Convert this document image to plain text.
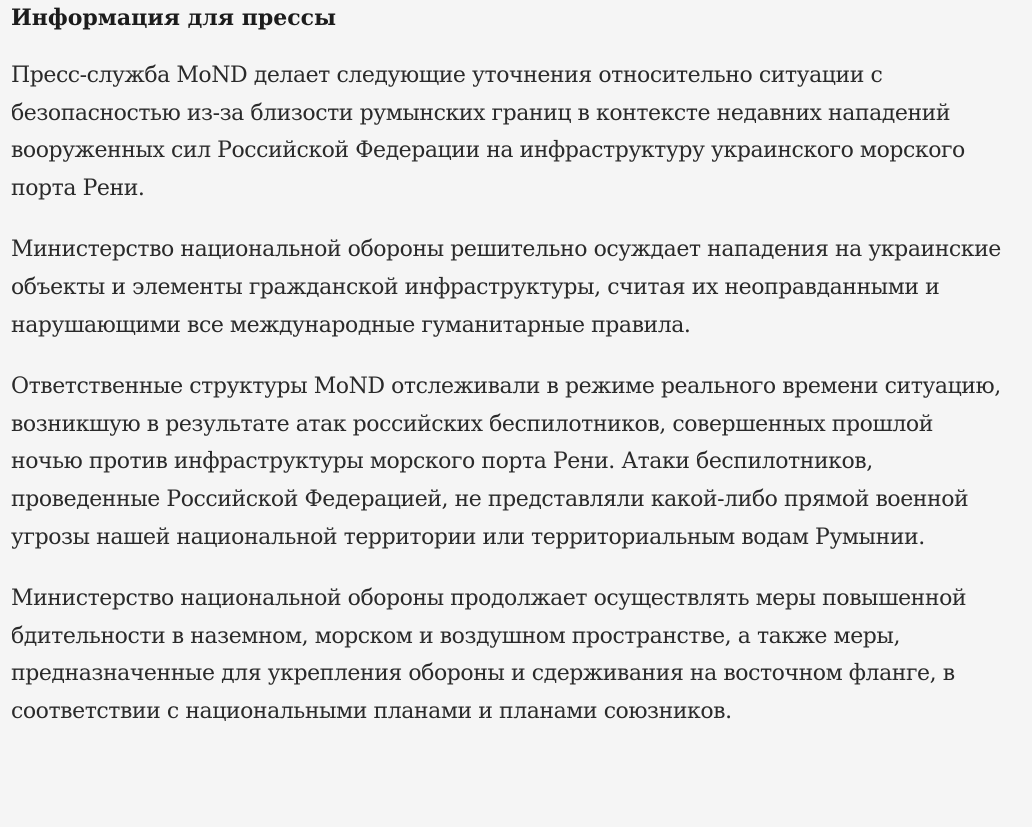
Информация для прессы

Пресс-служба MoND делает следующие уточнения относительно ситуации с безопасностью из-за близости румынских границ в контексте недавних нападений вооруженных сил Российской Федерации на инфраструктуру украинского морского порта Рени.

Министерство национальной обороны решительно осуждает нападения на украинские объекты и элементы гражданской инфраструктуры, считая их неоправданными и нарушающими все международные гуманитарные правила.

Ответственные структуры MoND отслеживали в режиме реального времени ситуацию, возникшую в результате атак российских беспилотников, совершенных прошлой ночью против инфраструктуры морского порта Рени. Атаки беспилотников, проведенные Российской Федерацией, не представляли какой-либо прямой военной угрозы нашей национальной территории или территориальным водам Румынии.

Министерство национальной обороны продолжает осуществлять меры повышенной бдительности в наземном, морском и воздушном пространстве, а также меры, предназначенные для укрепления обороны и сдерживания на восточном фланге, в соответствии с национальными планами и планами союзников.
